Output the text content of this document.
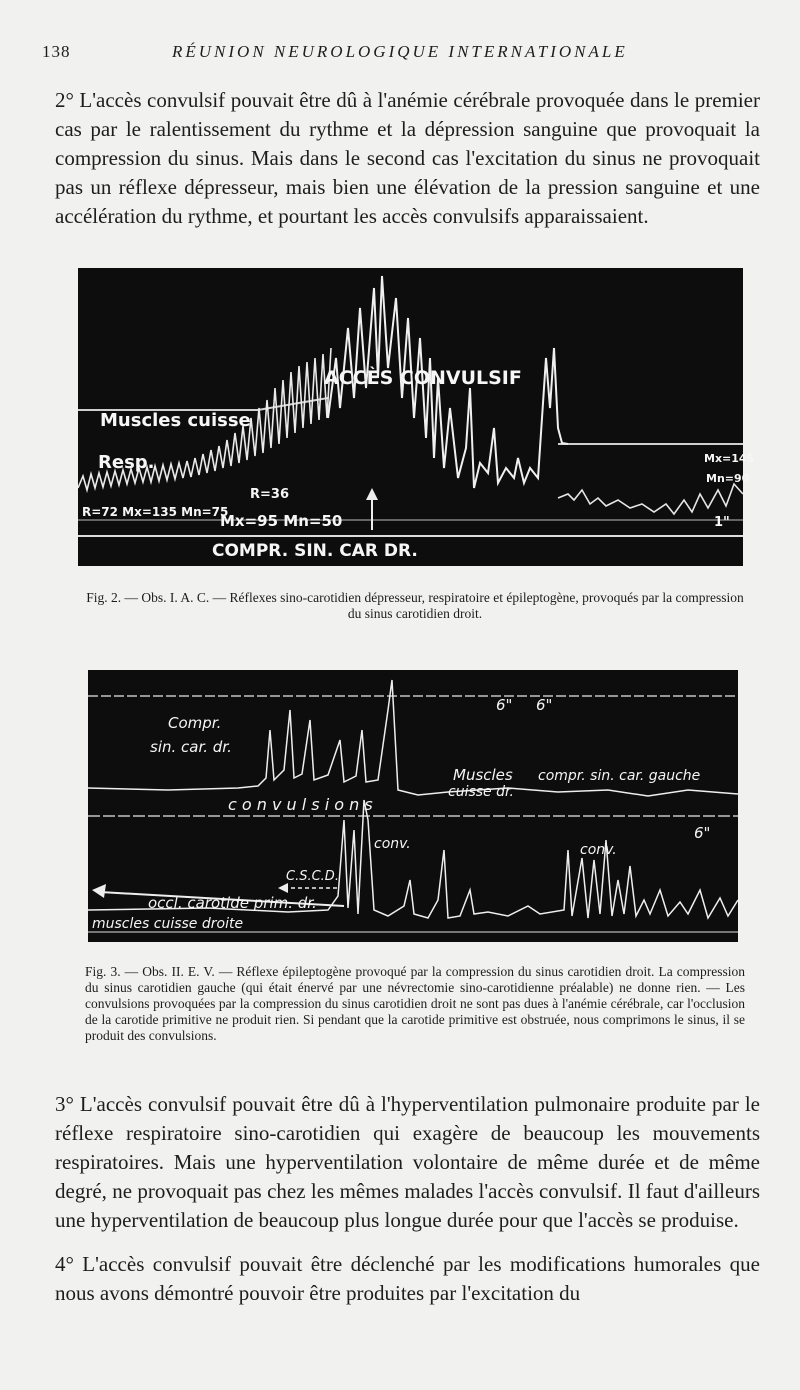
138	RÉUNION NEUROLOGIQUE INTERNATIONALE

2° L'accès convulsif pouvait être dû à l'anémie cérébrale provoquée dans le premier cas par le ralentissement du rythme et la dépression sanguine que provoquait la compression du sinus. Mais dans le second cas l'excitation du sinus ne provoquait pas un réflexe dépresseur, mais bien une élévation de la pression sanguine et une accélération du rythme, et pourtant les accès convulsifs apparaissaient.

ACCÈS CONVULSIF
Muscles cuisse
Resp.
R=36
R=72 Mx=135 Mn=75
Mx=95 Mn=50
Mx=145
Mn=90
1"
COMPR. SIN. CAR DR.
Fig. 2. — Obs. I. A. C. — Réflexes sino-carotidien dépresseur, respiratoire et épileptogène, provoqués par la compression du sinus carotidien droit.
Compr.
sin. car. dr.
c o n v u l s i o n s
Muscles
cuisse dr.
compr. sin. car. gauche
6" 6"
6"
conv.	conv.
C.S.C.D.
occl. carotide prim. dr.
muscles cuisse droite
Fig. 3. — Obs. II. E. V. — Réflexe épileptogène provoqué par la compression du sinus carotidien droit. La compression du sinus carotidien gauche (qui était énervé par une névrectomie sino-carotidienne préalable) ne donne rien. — Les convulsions provoquées par la compression du sinus carotidien droit ne sont pas dues à l'anémie cérébrale, car l'occlusion de la carotide primitive ne produit rien. Si pendant que la carotide primitive est obstruée, nous comprimons le sinus, il se produit des convulsions.

3° L'accès convulsif pouvait être dû à l'hyperventilation pulmonaire produite par le réflexe respiratoire sino-carotidien qui exagère de beaucoup les mouvements respiratoires. Mais une hyperventilation volontaire de même durée et de même degré, ne provoquait pas chez les mêmes malades l'accès convulsif. Il faut d'ailleurs une hyperventilation de beaucoup plus longue durée pour que l'accès se produise.

4° L'accès convulsif pouvait être déclenché par les modifications humorales que nous avons démontré pouvoir être produites par l'excitation du
